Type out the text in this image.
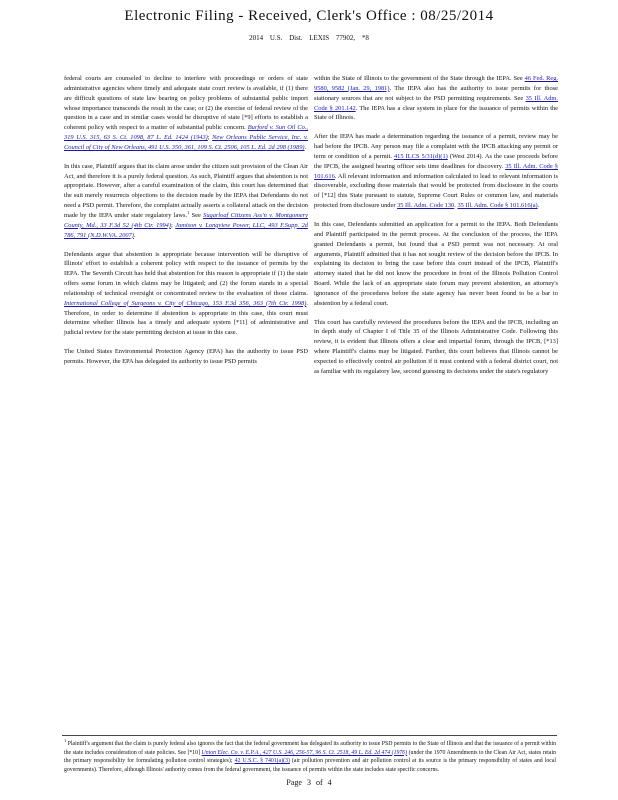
Electronic Filing - Received, Clerk's Office : 08/25/2014
2014 U.S. Dist. LEXIS 77902, *8

federal courts are counseled to decline to interfere with proceedings or orders of state administrative agencies where timely and adequate state court review is available, if (1) there are difficult questions of state law bearing on policy problems of substantial public import whose importance transcends the result in the case; or (2) the exercise of federal review of the question in a case and in similar cases would be disruptive of state [*9] efforts to establish a coherent policy with respect to a matter of substantial public concern. Burford v. Sun Oil Co., 319 U.S. 315, 63 S. Ct. 1098, 87 L. Ed. 1424 (1943); New Orleans Public Service, Inc. v. Council of City of New Orleans, 491 U.S. 350, 361, 109 S. Ct. 2506, 105 L. Ed. 2d 298 (1989).

In this case, Plaintiff argues that its claim arose under the citizen suit provision of the Clean Air Act, and therefore it is a purely federal question. As such, Plaintiff argues that abstention is not appropriate. However, after a careful examination of the claim, this court has determined that the suit merely resurrects objections to the decision made by the IEPA that Defendants do not need a PSD permit. Therefore, the complaint actually asserts a collateral attack on the decision made by the IEPA under state regulatory laws.$^1$ See Sugarloaf Citizens Ass'n v. Montgomery County, Md., 33 F.3d 52 (4th Cir. 1994); Jamison v. Longview Power, LLC, 493 F.Supp. 2d 786, 791 (N.D.W.VA. 2007).

Defendants argue that abstention is appropriate because intervention will be disruptive of Illinois' effort to establish a coherent policy with respect to the issuance of permits by the IEPA. The Seventh Circuit has held that abstention for this reason is appropriate if (1) the state offers some forum in which claims may be litigated; and (2) the forum stands in a special relationship of technical oversight or concentrated review to the evaluation of those claims. International College of Surgeons v. City of Chicago, 153 F.3d 356, 363 (7th Cir. 1998). Therefore, in order to determine if abstention is appropriate in this case, this court must determine whether Illinois has a timely and adequate system [*11] of administrative and judicial review for the state permitting decision at issue in this case.

The United States Environmental Protection Agency (EPA) has the authority to issue PSD permits. However, the EPA has delegated its authority to issue PSD permits

within the State of Illinois to the government of the State through the IEPA. See 46 Fed. Reg. 9580, 9582 (Jan. 29, 1981). The IEPA also has the authority to issue permits for those stationary sources that are not subject to the PSD permitting requirements. See 35 Ill. Adm. Code § 201.142. The IEPA has a clear system in place for the issuance of permits within the State of Illinois.

After the IEPA has made a determination regarding the issuance of a permit, review may be had before the IPCB. Any person may file a complaint with the IPCB attacking any permit or term or condition of a permit. 415 ILCS 5/31(d)(1) (West 2014). As the case proceeds before the IPCB, the assigned hearing officer sets time deadlines for discovery. 35 Ill. Adm. Code § 101.616. All relevant information and information calculated to lead to relevant information is discoverable, excluding those materials that would be protected from disclosure in the courts of [*12] this State pursuant to statute, Supreme Court Rules or common law, and materials protected from disclosure under 35 Ill. Adm. Code 130. 35 Ill. Adm. Code § 101.616(a).

In this case, Defendants submitted an application for a permit to the IEPA. Both Defendants and Plaintiff participated in the permit process. At the conclusion of the process, the IEPA granted Defendants a permit, but found that a PSD permit was not necessary. At oral arguments, Plaintiff admitted that it has not sought review of the decision before the IPCB. In explaining its decision to bring the case before this court instead of the IPCB, Plaintiff's attorney stated that he did not know the procedure in front of the Illinois Pollution Control Board. While the lack of an appropriate state forum may prevent abstention, an attorney's ignorance of the procedures before the state agency has never been found to be a bar to abstention by a federal court.

This court has carefully reviewed the procedures before the IEPA and the IPCB, including an in depth study of Chapter I of Title 35 of the Illinois Administrative Code. Following this review, it is evident that Illinois offers a clear and impartial forum, through the IPCB, [*13] where Plaintiff's claims may be litigated. Further, this court believes that Illinois cannot be expected to effectively control air pollution if it must contend with a federal district court, not as familiar with its regulatory law, second guessing its decisions under the state's regulatory

$^1$ Plaintiff's argument that the claim is purely federal also ignores the fact that the federal government has delegated its authority to issue PSD permits to the State of Illinois and that the issuance of a permit within the state includes consideration of state policies. See [*10] Union Elec. Co. v. E.P.A., 427 U.S. 246, 256-57, 96 S. Ct. 2518, 49 L. Ed. 2d 474 (1976) (under the 1970 Amendments to the Clean Air Act, states retain the primary responsibility for formulating pollution control strategies); 42 U.S.C. § 7401(a)(3) (air pollution prevention and air pollution control at its source is the primary responsibility of states and local governments). Therefore, although Illinois' authority comes from the federal government, the issuance of permits within the state includes state specific concerns.
Page 3 of 4
